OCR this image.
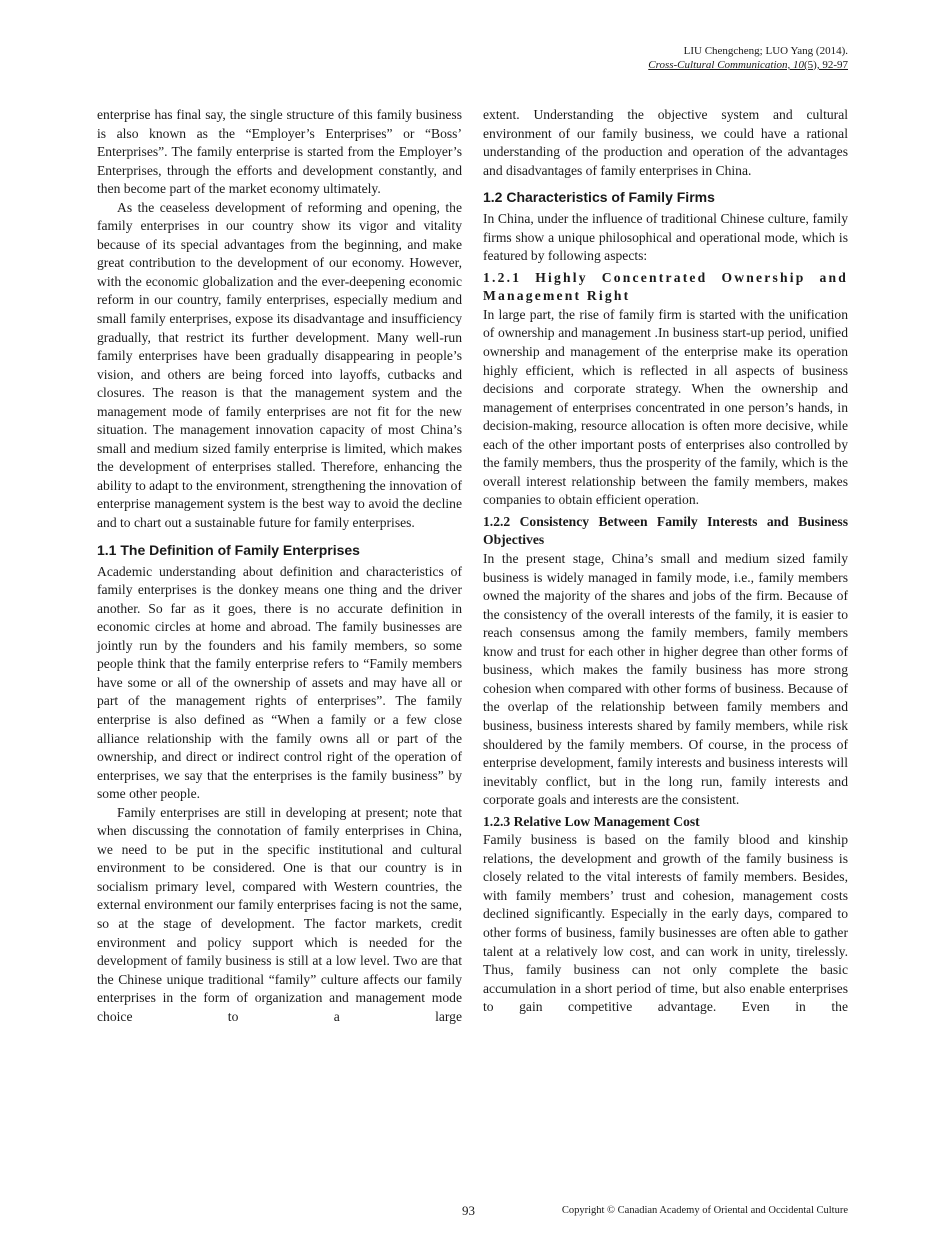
LIU Chengcheng; LUO Yang (2014).
Cross-Cultural Communication, 10(5), 92-97

enterprise has final say, the single structure of this family business is also known as the “Employer’s Enterprises” or “Boss’ Enterprises”. The family enterprise is started from the Employer’s Enterprises, through the efforts and development constantly, and then become part of the market economy ultimately.

As the ceaseless development of reforming and opening, the family enterprises in our country show its vigor and vitality because of its special advantages from the beginning, and make great contribution to the development of our economy. However, with the economic globalization and the ever-deepening economic reform in our country, family enterprises, especially medium and small family enterprises, expose its disadvantage and insufficiency gradually, that restrict its further development. Many well-run family enterprises have been gradually disappearing in people’s vision, and others are being forced into layoffs, cutbacks and closures. The reason is that the management system and the management mode of family enterprises are not fit for the new situation. The management innovation capacity of most China’s small and medium sized family enterprise is limited, which makes the development of enterprises stalled. Therefore, enhancing the ability to adapt to the environment, strengthening the innovation of enterprise management system is the best way to avoid the decline and to chart out a sustainable future for family enterprises.

1.1 The Definition of Family Enterprises

Academic understanding about definition and characteristics of family enterprises is the donkey means one thing and the driver another. So far as it goes, there is no accurate definition in economic circles at home and abroad. The family businesses are jointly run by the founders and his family members, so some people think that the family enterprise refers to “Family members have some or all of the ownership of assets and may have all or part of the management rights of enterprises”. The family enterprise is also defined as “When a family or a few close alliance relationship with the family owns all or part of the ownership, and direct or indirect control right of the operation of enterprises, we say that the enterprises is the family business” by some other people.

Family enterprises are still in developing at present; note that when discussing the connotation of family enterprises in China, we need to be put in the specific institutional and cultural environment to be considered. One is that our country is in socialism primary level, compared with Western countries, the external environment our family enterprises facing is not the same, so at the stage of development. The factor markets, credit environment and policy support which is needed for the development of family business is still at a low level. Two are that the Chinese unique traditional “family” culture affects our family enterprises in the form of organization and management mode choice to a large

extent. Understanding the objective system and cultural environment of our family business, we could have a rational understanding of the production and operation of the advantages and disadvantages of family enterprises in China.

1.2 Characteristics of Family Firms

In China, under the influence of traditional Chinese culture, family firms show a unique philosophical and operational mode, which is featured by following aspects:

1.2.1 Highly Concentrated Ownership and Management Right

In large part, the rise of family firm is started with the unification of ownership and management .In business start-up period, unified ownership and management of the enterprise make its operation highly efficient, which is reflected in all aspects of business decisions and corporate strategy. When the ownership and management of enterprises concentrated in one person’s hands, in decision-making, resource allocation is often more decisive, while each of the other important posts of enterprises also controlled by the family members, thus the prosperity of the family, which is the overall interest relationship between the family members, makes companies to obtain efficient operation.

1.2.2 Consistency Between Family Interests and Business Objectives

In the present stage, China’s small and medium sized family business is widely managed in family mode, i.e., family members owned the majority of the shares and jobs of the firm. Because of the consistency of the overall interests of the family, it is easier to reach consensus among the family members, family members know and trust for each other in higher degree than other forms of business, which makes the family business has more strong cohesion when compared with other forms of business. Because of the overlap of the relationship between family members and business, business interests shared by family members, while risk shouldered by the family members. Of course, in the process of enterprise development, family interests and business interests will inevitably conflict, but in the long run, family interests and corporate goals and interests are the consistent.

1.2.3 Relative Low Management Cost

Family business is based on the family blood and kinship relations, the development and growth of the family business is closely related to the vital interests of family members. Besides, with family members’ trust and cohesion, management costs declined significantly. Especially in the early days, compared to other forms of business, family businesses are often able to gather talent at a relatively low cost, and can work in unity, tirelessly. Thus, family business can not only complete the basic accumulation in a short period of time, but also enable enterprises to gain competitive advantage. Even in the

93	Copyright © Canadian Academy of Oriental and Occidental Culture
